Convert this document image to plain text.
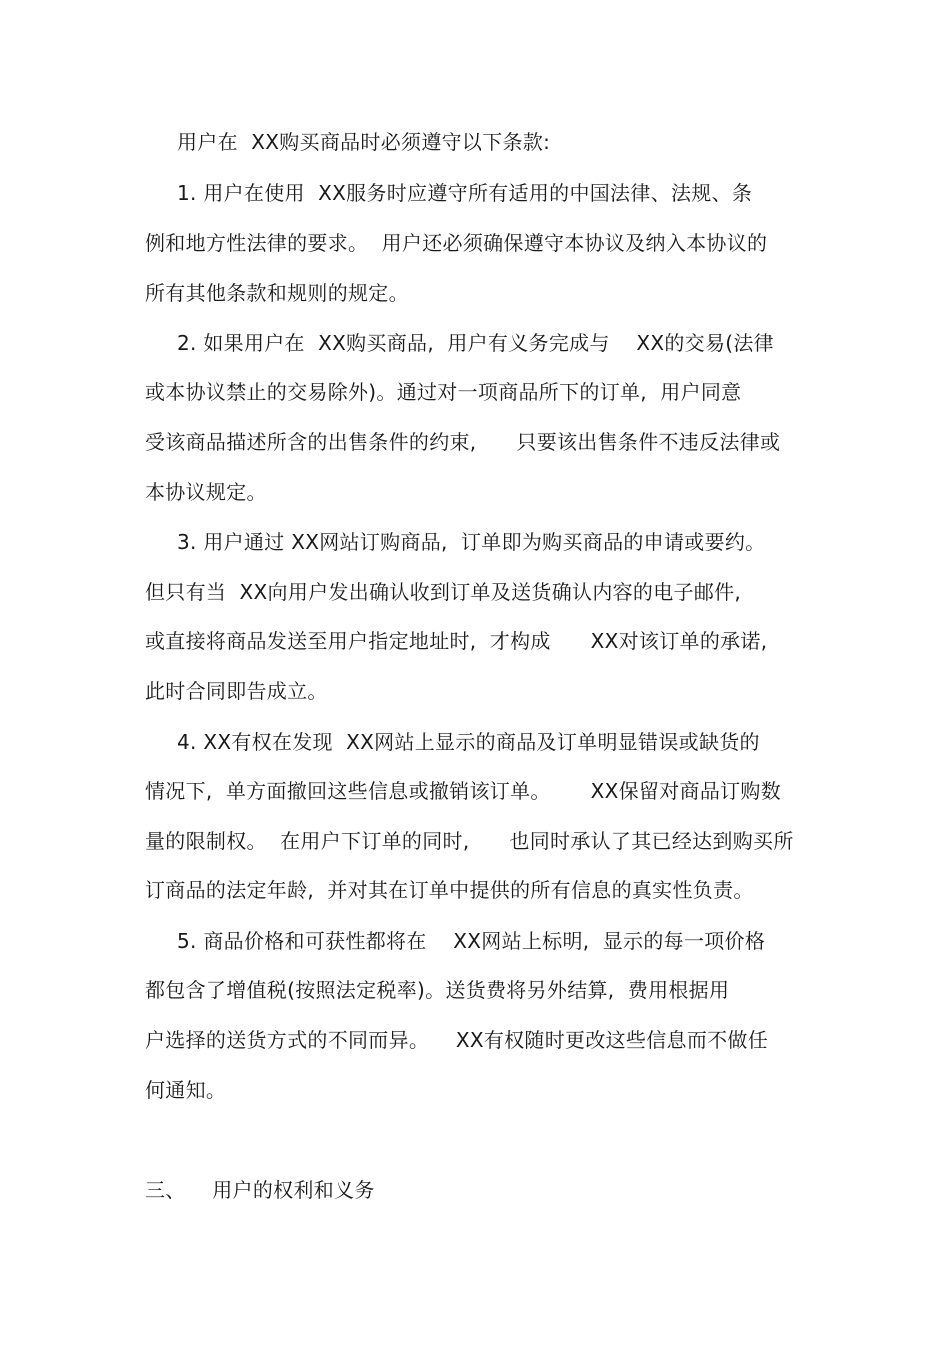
用户在  XX购买商品时必须遵守以下条款:
1. 用户在使用  XX服务时应遵守所有适用的中国法律、法规、条
例和地方性法律的要求。  用户还必须确保遵守本协议及纳入本协议的
所有其他条款和规则的规定。
2. 如果用户在  XX购买商品,  用户有义务完成与    XX的交易(法律
或本协议禁止的交易除外)。通过对一项商品所下的订单,  用户同意
受该商品描述所含的出售条件的约束,      只要该出售条件不违反法律或
本协议规定。
3. 用户通过 XX网站订购商品,  订单即为购买商品的申请或要约。
但只有当  XX向用户发出确认收到订单及送货确认内容的电子邮件,
或直接将商品发送至用户指定地址时,  才构成      XX对该订单的承诺,
此时合同即告成立。
4. XX有权在发现  XX网站上显示的商品及订单明显错误或缺货的
情况下,  单方面撤回这些信息或撤销该订单。      XX保留对商品订购数
量的限制权。  在用户下订单的同时,      也同时承认了其已经达到购买所
订商品的法定年龄,  并对其在订单中提供的所有信息的真实性负责。
5. 商品价格和可获性都将在    XX网站上标明,  显示的每一项价格
都包含了增值税(按照法定税率)。送货费将另外结算,  费用根据用
户选择的送货方式的不同而异。    XX有权随时更改这些信息而不做任
何通知。
三、    用户的权利和义务
